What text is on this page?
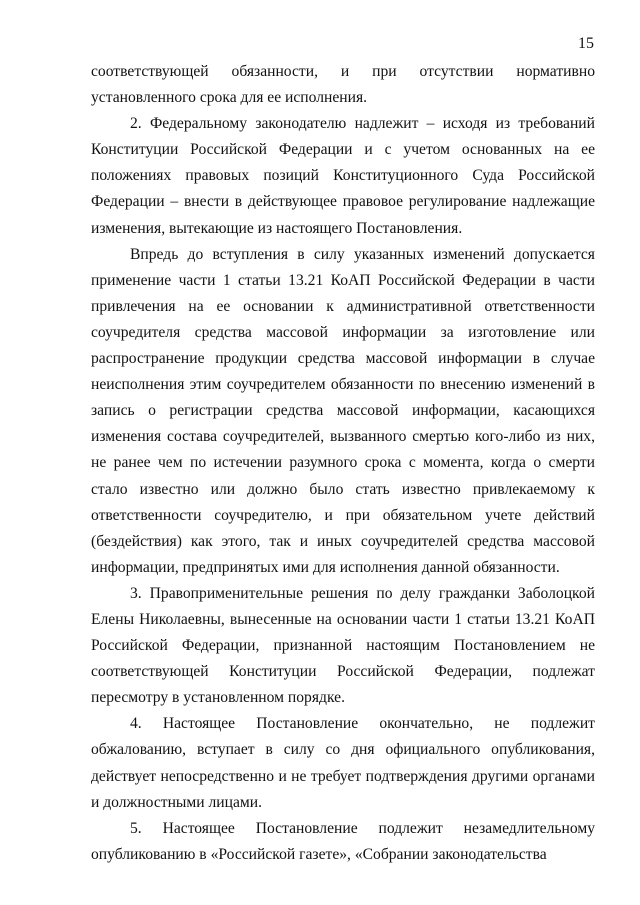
15

соответствующей обязанности, и при отсутствии нормативно установленного срока для ее исполнения.

2. Федеральному законодателю надлежит – исходя из требований Конституции Российской Федерации и с учетом основанных на ее положениях правовых позиций Конституционного Суда Российской Федерации – внести в действующее правовое регулирование надлежащие изменения, вытекающие из настоящего Постановления.

Впредь до вступления в силу указанных изменений допускается применение части 1 статьи 13.21 КоАП Российской Федерации в части привлечения на ее основании к административной ответственности соучредителя средства массовой информации за изготовление или распространение продукции средства массовой информации в случае неисполнения этим соучредителем обязанности по внесению изменений в запись о регистрации средства массовой информации, касающихся изменения состава соучредителей, вызванного смертью кого-либо из них, не ранее чем по истечении разумного срока с момента, когда о смерти стало известно или должно было стать известно привлекаемому к ответственности соучредителю, и при обязательном учете действий (бездействия) как этого, так и иных соучредителей средства массовой информации, предпринятых ими для исполнения данной обязанности.

3. Правоприменительные решения по делу гражданки Заболоцкой Елены Николаевны, вынесенные на основании части 1 статьи 13.21 КоАП Российской Федерации, признанной настоящим Постановлением не соответствующей Конституции Российской Федерации, подлежат пересмотру в установленном порядке.

4. Настоящее Постановление окончательно, не подлежит обжалованию, вступает в силу со дня официального опубликования, действует непосредственно и не требует подтверждения другими органами и должностными лицами.

5. Настоящее Постановление подлежит незамедлительному опубликованию в «Российской газете», «Собрании законодательства
